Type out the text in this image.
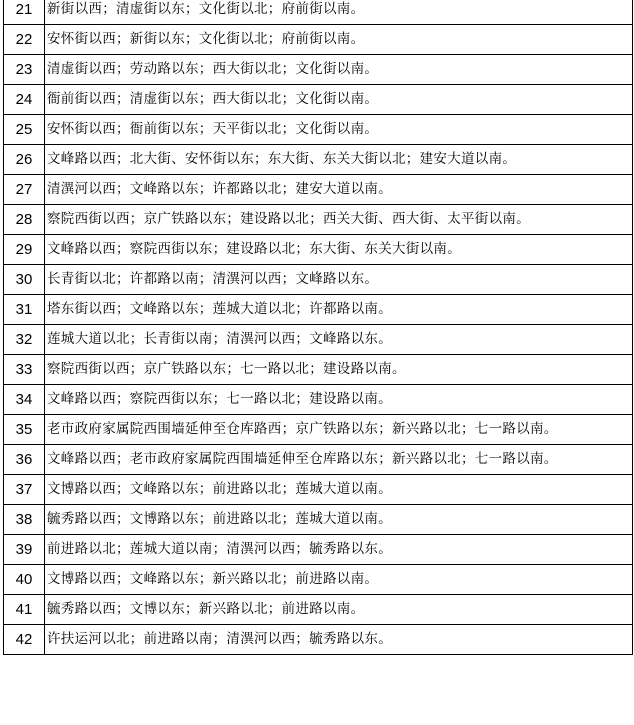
21	新街以西；清虚街以东；文化街以北；府前街以南。
22	安怀街以西；新街以东；文化街以北；府前街以南。
23	清虚街以西；劳动路以东；西大街以北；文化街以南。
24	衙前街以西；清虚街以东；西大街以北；文化街以南。
25	安怀街以西；衙前街以东；天平街以北；文化街以南。
26	文峰路以西；北大街、安怀街以东；东大街、东关大街以北；建安大道以南。
27	清潩河以西；文峰路以东；许都路以北；建安大道以南。
28	察院西街以西；京广铁路以东；建设路以北；西关大街、西大街、太平街以南。
29	文峰路以西；察院西街以东；建设路以北；东大街、东关大街以南。
30	长青街以北；许都路以南；清潩河以西；文峰路以东。
31	塔东街以西；文峰路以东；莲城大道以北；许都路以南。
32	莲城大道以北；长青街以南；清潩河以西；文峰路以东。
33	察院西街以西；京广铁路以东；七一路以北；建设路以南。
34	文峰路以西；察院西街以东；七一路以北；建设路以南。
35	老市政府家属院西围墙延伸至仓库路西；京广铁路以东；新兴路以北；七一路以南。
36	文峰路以西；老市政府家属院西围墙延伸至仓库路以东；新兴路以北；七一路以南。
37	文博路以西；文峰路以东；前进路以北；莲城大道以南。
38	毓秀路以西；文博路以东；前进路以北；莲城大道以南。
39	前进路以北；莲城大道以南；清潩河以西；毓秀路以东。
40	文博路以西；文峰路以东；新兴路以北；前进路以南。
41	毓秀路以西；文博以东；新兴路以北；前进路以南。
42	许扶运河以北；前进路以南；清潩河以西；毓秀路以东。
